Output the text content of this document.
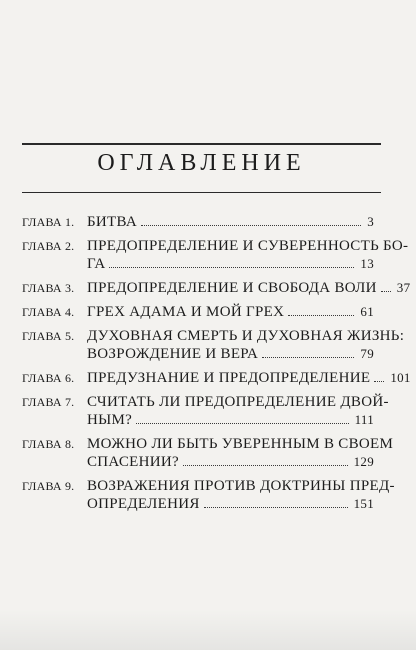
ОГЛАВЛЕНИЕ
ГЛАВА 1. БИТВА	3
ГЛАВА 2. ПРЕДОПРЕДЕЛЕНИЕ И СУВЕРЕННОСТЬ БО-
ГА	13
ГЛАВА 3. ПРЕДОПРЕДЕЛЕНИЕ И СВОБОДА ВОЛИ 37
ГЛАВА 4. ГРЕХ АДАМА И МОЙ ГРЕХ	61
ГЛАВА 5. ДУХОВНАЯ СМЕРТЬ И ДУХОВНАЯ ЖИЗНЬ:
ВОЗРОЖДЕНИЕ И ВЕРА	79
ГЛАВА 6. ПРЕДУЗНАНИЕ И ПРЕДОПРЕДЕЛЕНИЕ 101
ГЛАВА 7. СЧИТАТЬ ЛИ ПРЕДОПРЕДЕЛЕНИЕ ДВОЙ-
НЫМ?	111
ГЛАВА 8. МОЖНО ЛИ БЫТЬ УВЕРЕННЫМ В СВОЕМ
СПАСЕНИИ?	129
ГЛАВА 9. ВОЗРАЖЕНИЯ ПРОТИВ ДОКТРИНЫ ПРЕД-
ОПРЕДЕЛЕНИЯ	151
